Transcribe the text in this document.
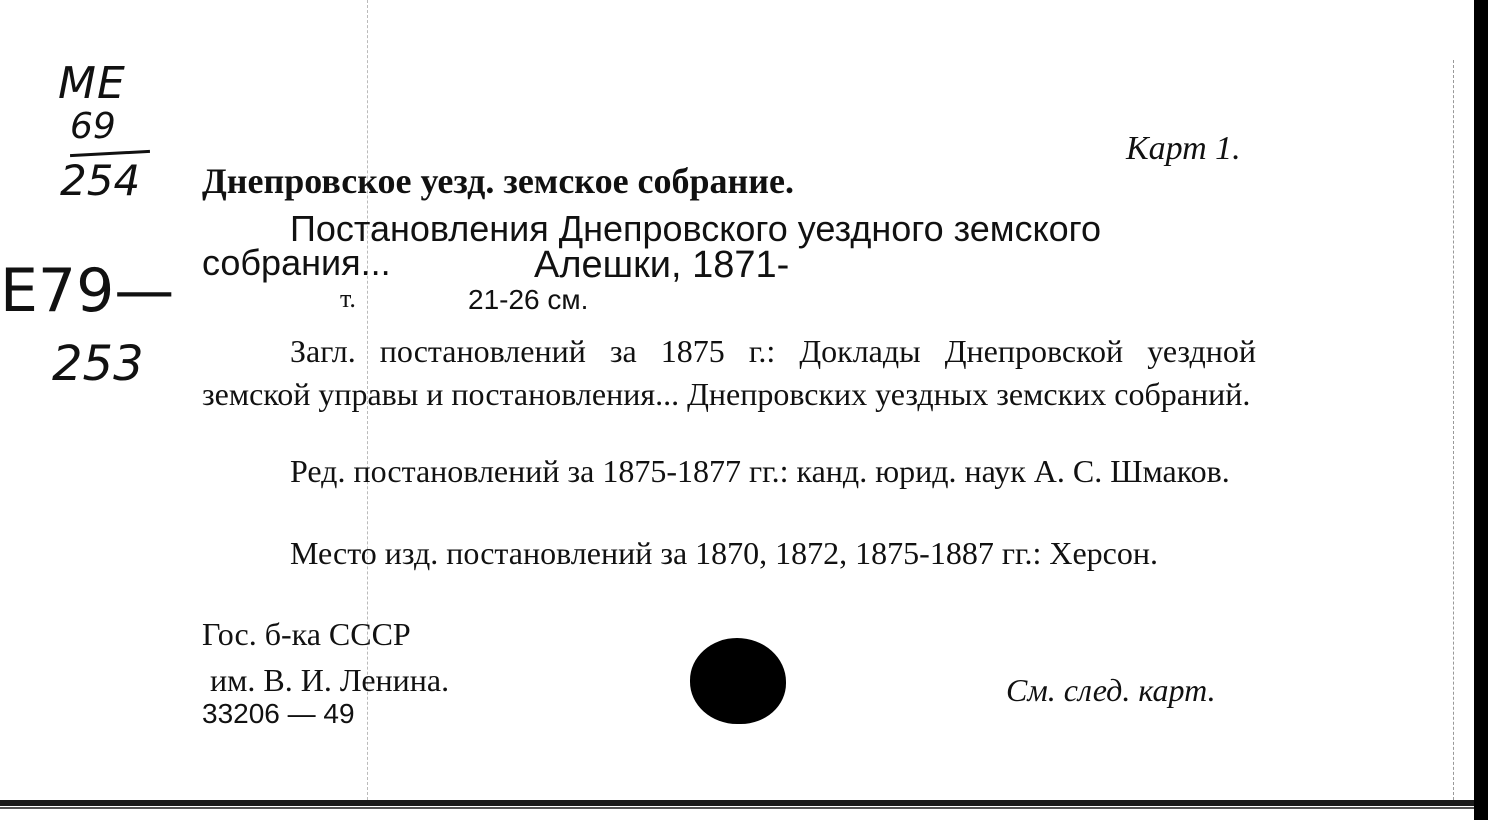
ME
69
254
E79—
253
Карт 1.
Днепровское уезд. земское собрание.
Постановления Днепровского уездного земского
собрания...	Алешки, 1871-
т.	21-26 см.
Загл. постановлений за 1875 г.: Доклады Днепровской уездной земской управы и постановления... Днепровских уездных земских собраний.
Ред. постановлений за 1875-1877 гг.: канд. юрид. наук А. С. Шмаков.
Место изд. постановлений за 1870, 1872, 1875-1887 гг.: Херсон.
Гос. б-ка СССР
им. В. И. Ленина.
33206 — 49
См. след. карт.
